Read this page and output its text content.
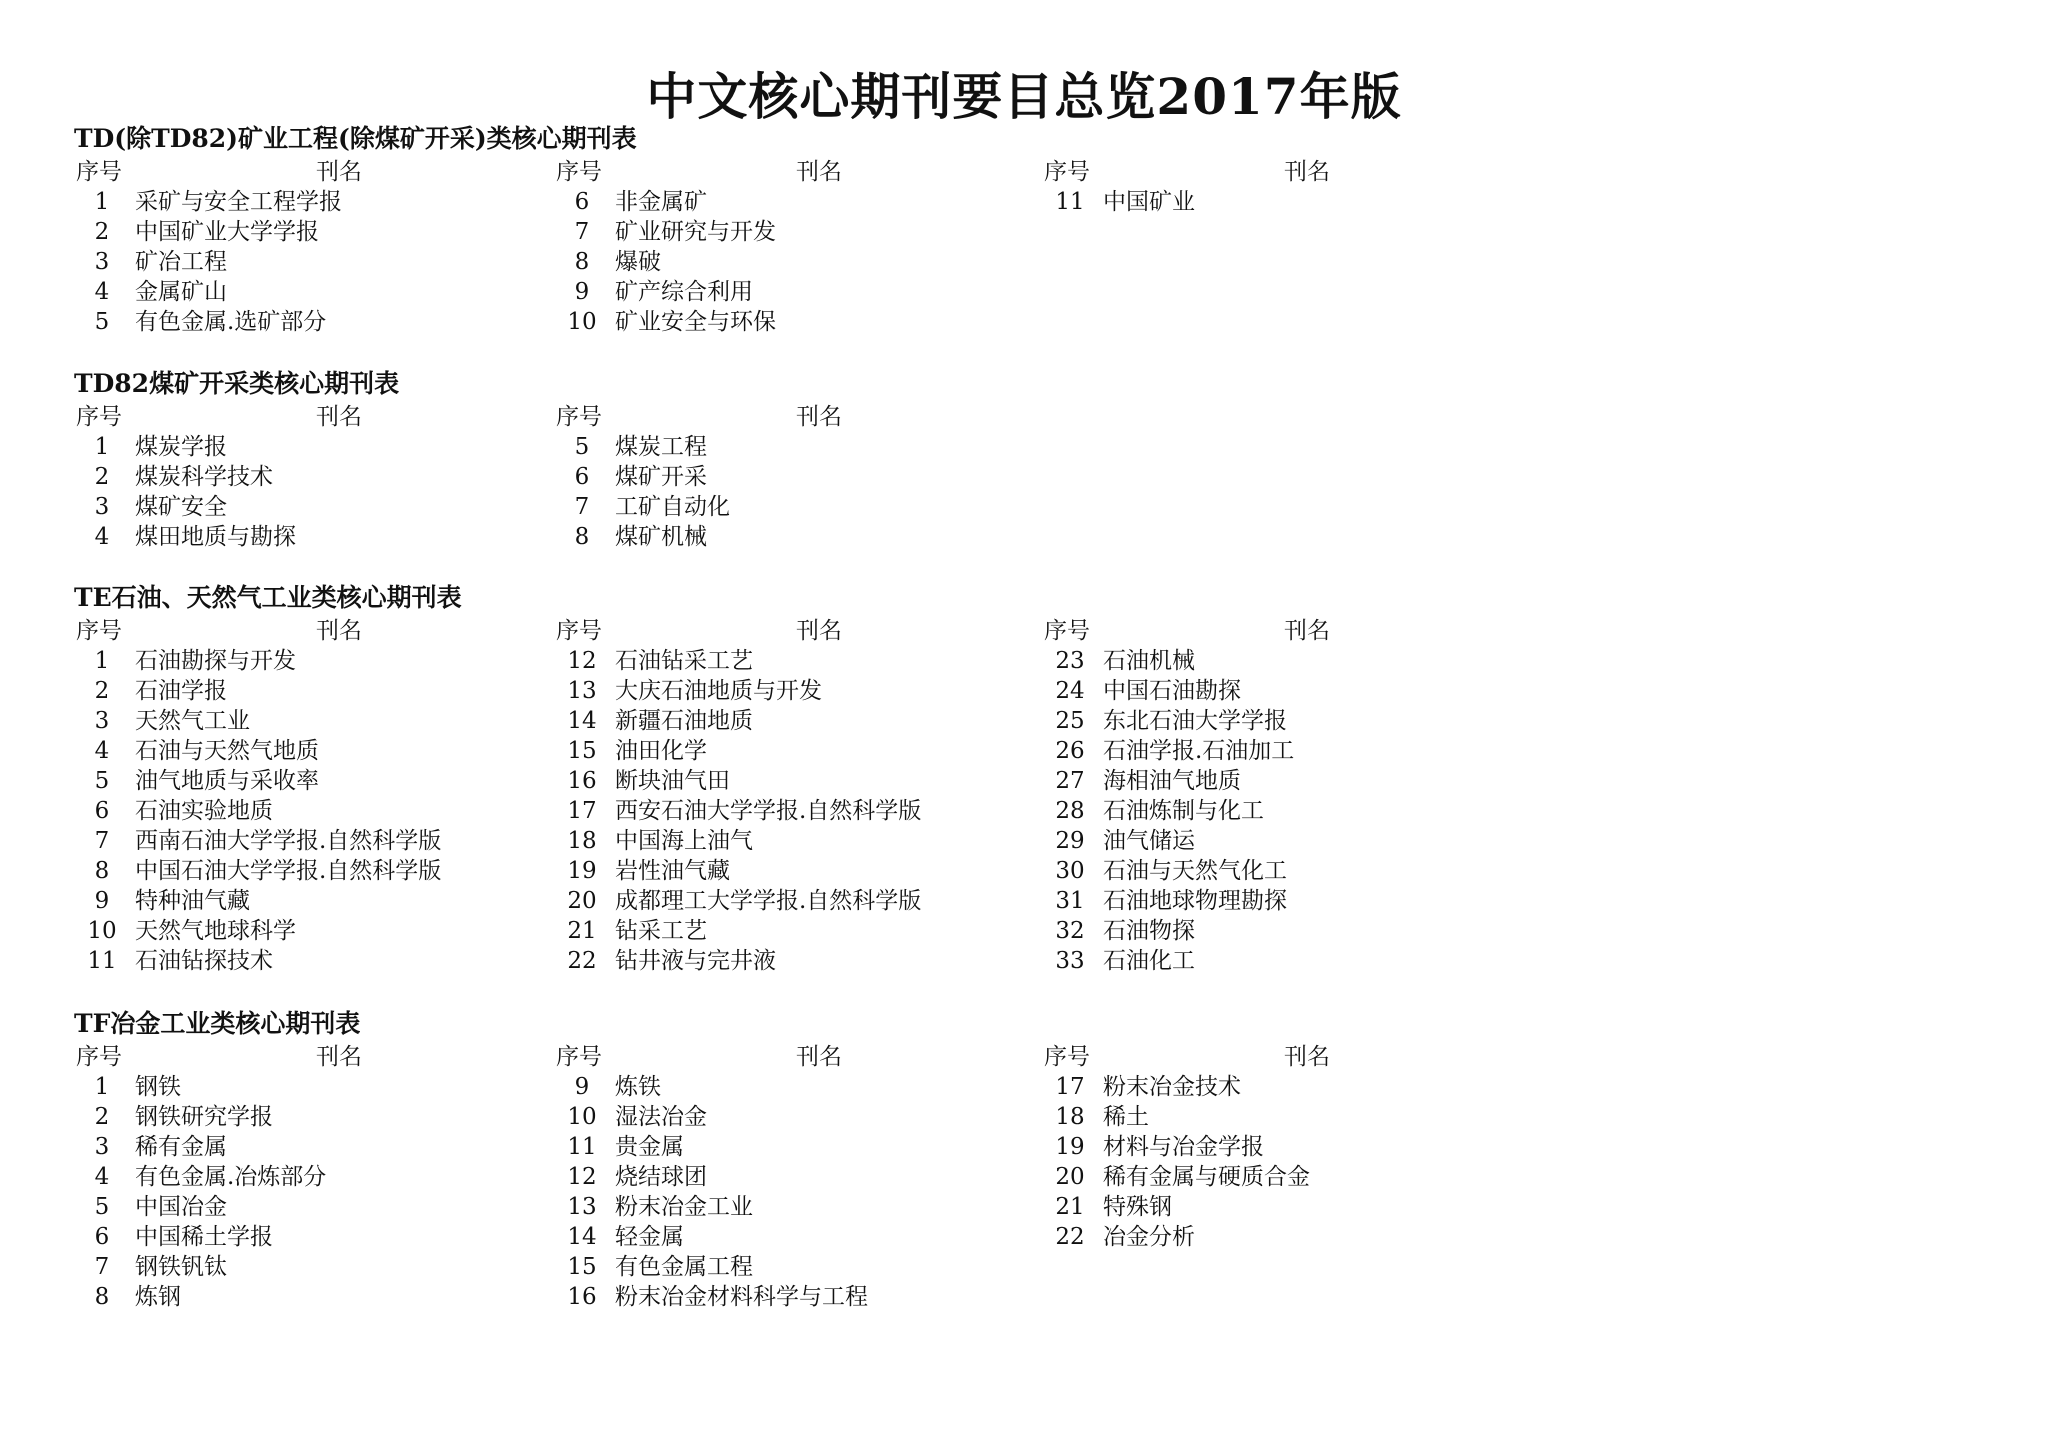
中文核心期刊要目总览2017年版
TD(除TD82)矿业工程(除煤矿开采)类核心期刊表
序号	刊名
1	采矿与安全工程学报
2	中国矿业大学学报
3	矿冶工程
4	金属矿山
5	有色金属.选矿部分
序号	刊名
6	非金属矿
7	矿业研究与开发
8	爆破
9	矿产综合利用
10 矿业安全与环保
序号	刊名
11 中国矿业
TD82煤矿开采类核心期刊表
序号	刊名
1	煤炭学报
2	煤炭科学技术
3	煤矿安全
4	煤田地质与勘探
序号	刊名
5	煤炭工程
6	煤矿开采
7	工矿自动化
8	煤矿机械
TE石油、天然气工业类核心期刊表
序号	刊名
1	石油勘探与开发
2	石油学报
3	天然气工业
4	石油与天然气地质
5	油气地质与采收率
6	石油实验地质
7	西南石油大学学报.自然科学版
8	中国石油大学学报.自然科学版
9	特种油气藏
10 天然气地球科学
11 石油钻探技术
序号	刊名
12 石油钻采工艺
13 大庆石油地质与开发
14 新疆石油地质
15 油田化学
16 断块油气田
17 西安石油大学学报.自然科学版
18 中国海上油气
19 岩性油气藏
20 成都理工大学学报.自然科学版
21 钻采工艺
22 钻井液与完井液
序号	刊名
23 石油机械
24 中国石油勘探
25 东北石油大学学报
26 石油学报.石油加工
27 海相油气地质
28 石油炼制与化工
29 油气储运
30 石油与天然气化工
31 石油地球物理勘探
32 石油物探
33 石油化工
TF冶金工业类核心期刊表
序号	刊名
1	钢铁
2	钢铁研究学报
3	稀有金属
4	有色金属.冶炼部分
5	中国冶金
6	中国稀土学报
7	钢铁钒钛
8	炼钢
序号	刊名
9	炼铁
10 湿法冶金
11 贵金属
12 烧结球团
13 粉末冶金工业
14 轻金属
15 有色金属工程
16 粉末冶金材料科学与工程
序号	刊名
17 粉末冶金技术
18 稀土
19 材料与冶金学报
20 稀有金属与硬质合金
21 特殊钢
22 冶金分析
